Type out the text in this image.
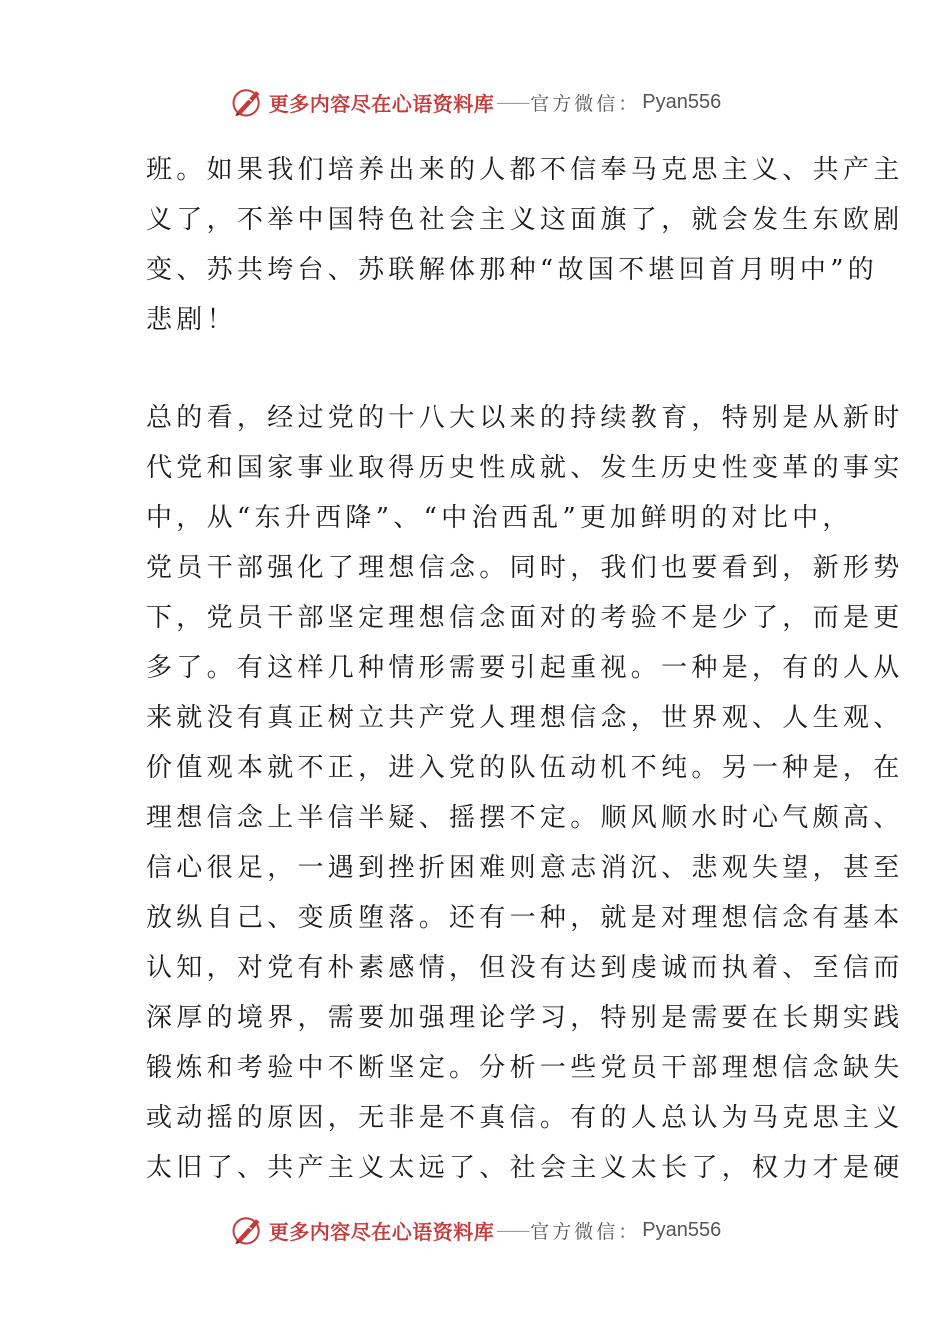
更多内容尽在心语资料库 —— 官方微信： Pyan556

班。如果我们培养出来的人都不信奉马克思主义、共产主
义了，不举中国特色社会主义这面旗了，就会发生东欧剧
变、苏共垮台、苏联解体那种“故国不堪回首月明中”的
悲剧！

总的看，经过党的十八大以来的持续教育，特别是从新时
代党和国家事业取得历史性成就、发生历史性变革的事实
中，从“东升西降”、“中治西乱”更加鲜明的对比中，
党员干部强化了理想信念。同时，我们也要看到，新形势
下，党员干部坚定理想信念面对的考验不是少了，而是更
多了。有这样几种情形需要引起重视。一种是，有的人从
来就没有真正树立共产党人理想信念，世界观、人生观、
价值观本就不正，进入党的队伍动机不纯。另一种是，在
理想信念上半信半疑、摇摆不定。顺风顺水时心气颇高、
信心很足，一遇到挫折困难则意志消沉、悲观失望，甚至
放纵自己、变质堕落。还有一种，就是对理想信念有基本
认知，对党有朴素感情，但没有达到虔诚而执着、至信而
深厚的境界，需要加强理论学习，特别是需要在长期实践
锻炼和考验中不断坚定。分析一些党员干部理想信念缺失
或动摇的原因，无非是不真信。有的人总认为马克思主义
太旧了、共产主义太远了、社会主义太长了，权力才是硬

更多内容尽在心语资料库 —— 官方微信： Pyan556
